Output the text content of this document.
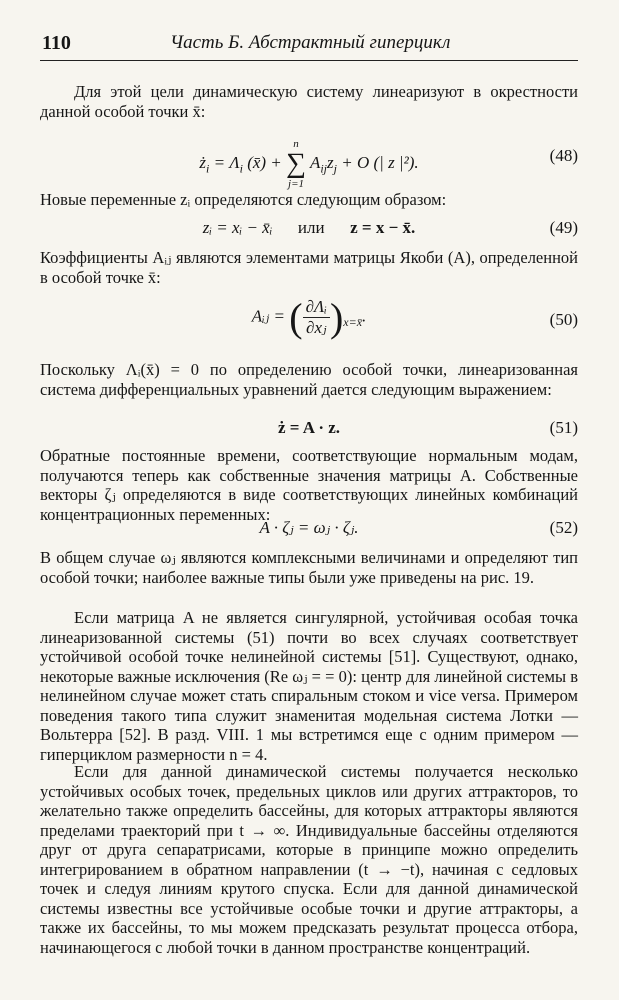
110	Часть Б. Абстрактный гиперцикл
Для этой цели динамическую систему линеаризуют в окрестности данной особой точки x̄:
$ż_i = \Lambda_i$ (x̄) + n
∑
j=1 $A_{ij}z_j + O$ (| z |²).	(48)
Новые переменные zᵢ определяются следующим образом:
zᵢ = xᵢ − x̄ᵢ или z = x − x̄.	(49)
Коэффициенты Aᵢⱼ являются элементами матрицы Якоби (A), определенной в особой точке x̄:
Aᵢⱼ = ( $\frac{\text{∂Λᵢ}}{\text{∂xⱼ}} )_{x=x̄}$.	(50)
Поскольку Λᵢ(x̄) = 0 по определению особой точки, линеаризованная система дифференциальных уравнений дается следующим выражением:
ż = A · z.	(51)
Обратные постоянные времени, соответствующие нормальным модам, получаются теперь как собственные значения матрицы A. Собственные векторы ζⱼ определяются в виде соответствующих линейных комбинаций концентрационных переменных:
A · ζⱼ = ωⱼ · ζⱼ.	(52)
В общем случае ωⱼ являются комплексными величинами и определяют тип особой точки; наиболее важные типы были уже приведены на рис. 19.
Если матрица A не является сингулярной, устойчивая особая точка линеаризованной системы (51) почти во всех случаях соответствует устойчивой особой точке нелинейной системы [51]. Существуют, однако, некоторые важные исключения (Re ωⱼ = = 0): центр для линейной системы в нелинейном случае может стать спиральным стоком и vice versa. Примером поведения такого типа служит знаменитая модельная система Лотки — Вольтерра [52]. В разд. VIII. 1 мы встретимся еще с одним примером — гиперциклом размерности n = 4.
Если для данной динамической системы получается несколько устойчивых особых точек, предельных циклов или других аттракторов, то желательно также определить бассейны, для которых аттракторы являются пределами траекторий при t → ∞. Индивидуальные бассейны отделяются друг от друга сепаратрисами, которые в принципе можно определить интегрированием в обратном направлении (t → −t), начиная с седловых точек и следуя линиям крутого спуска. Если для данной динамической системы известны все устойчивые особые точки и другие аттракторы, а также их бассейны, то мы можем предсказать результат процесса отбора, начинающегося с любой точки в данном пространстве концентраций.
